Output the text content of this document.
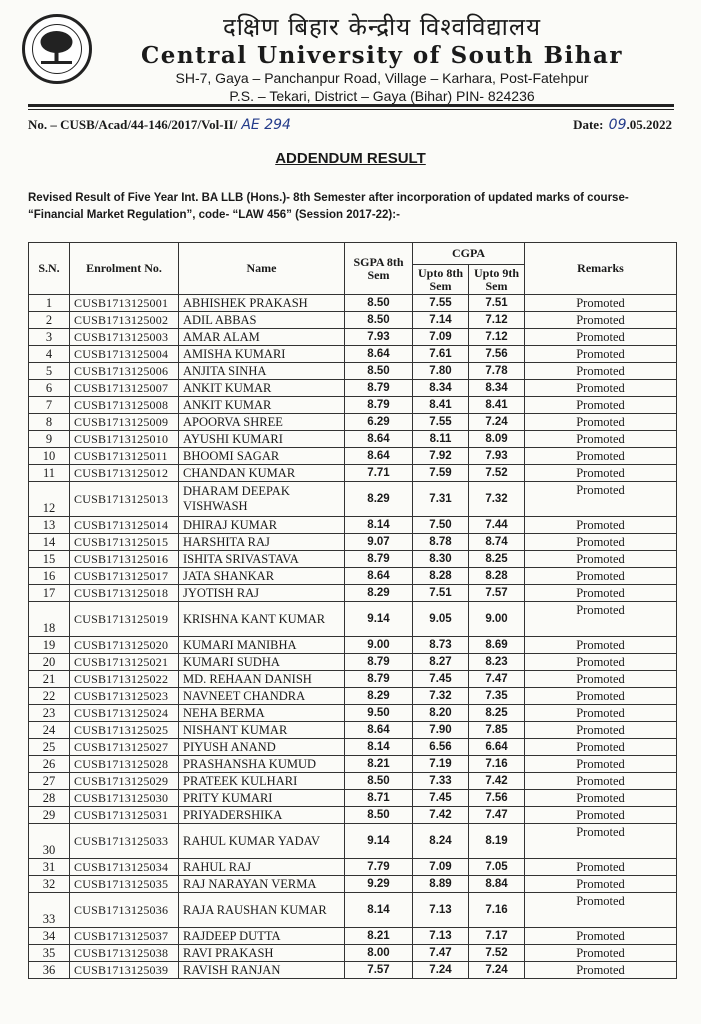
दक्षिण बिहार केन्द्रीय विश्वविद्यालय
Central University of South Bihar
SH-7, Gaya – Panchanpur Road, Village – Karhara, Post-Fatehpur
P.S. – Tekari, District – Gaya (Bihar) PIN- 824236
No. – CUSB/Acad/44-146/2017/Vol-II/ AE 294	Date: 09.05.2022
ADDENDUM RESULT
Revised Result of Five Year Int. BA LLB (Hons.)- 8th Semester after incorporation of updated marks of course- “Financial Market Regulation”, code- “LAW 456” (Session 2017-22):-
S.N.	Enrolment No.	Name	SGPA 8th Sem	CGPA		Remarks
				Upto 8th Sem	Upto 9th Sem	
1	CUSB1713125001	ABHISHEK PRAKASH	8.50	7.55	7.51	Promoted
2	CUSB1713125002	ADIL ABBAS	8.50	7.14	7.12	Promoted
3	CUSB1713125003	AMAR ALAM	7.93	7.09	7.12	Promoted
4	CUSB1713125004	AMISHA KUMARI	8.64	7.61	7.56	Promoted
5	CUSB1713125006	ANJITA SINHA	8.50	7.80	7.78	Promoted
6	CUSB1713125007	ANKIT KUMAR	8.79	8.34	8.34	Promoted
7	CUSB1713125008	ANKIT KUMAR	8.79	8.41	8.41	Promoted
8	CUSB1713125009	APOORVA SHREE	6.29	7.55	7.24	Promoted
9	CUSB1713125010	AYUSHI KUMARI	8.64	8.11	8.09	Promoted
10	CUSB1713125011	BHOOMI SAGAR	8.64	7.92	7.93	Promoted
11	CUSB1713125012	CHANDAN KUMAR	7.71	7.59	7.52	Promoted
12	CUSB1713125013	DHARAM DEEPAK VISHWASH	8.29	7.31	7.32	Promoted
13	CUSB1713125014	DHIRAJ KUMAR	8.14	7.50	7.44	Promoted
14	CUSB1713125015	HARSHITA RAJ	9.07	8.78	8.74	Promoted
15	CUSB1713125016	ISHITA SRIVASTAVA	8.79	8.30	8.25	Promoted
16	CUSB1713125017	JATA SHANKAR	8.64	8.28	8.28	Promoted
17	CUSB1713125018	JYOTISH RAJ	8.29	7.51	7.57	Promoted
18	CUSB1713125019	KRISHNA KANT KUMAR	9.14	9.05	9.00	Promoted
19	CUSB1713125020	KUMARI MANIBHA	9.00	8.73	8.69	Promoted
20	CUSB1713125021	KUMARI SUDHA	8.79	8.27	8.23	Promoted
21	CUSB1713125022	MD. REHAAN DANISH	8.79	7.45	7.47	Promoted
22	CUSB1713125023	NAVNEET CHANDRA	8.29	7.32	7.35	Promoted
23	CUSB1713125024	NEHA BERMA	9.50	8.20	8.25	Promoted
24	CUSB1713125025	NISHANT KUMAR	8.64	7.90	7.85	Promoted
25	CUSB1713125027	PIYUSH ANAND	8.14	6.56	6.64	Promoted
26	CUSB1713125028	PRASHANSHA KUMUD	8.21	7.19	7.16	Promoted
27	CUSB1713125029	PRATEEK KULHARI	8.50	7.33	7.42	Promoted
28	CUSB1713125030	PRITY KUMARI	8.71	7.45	7.56	Promoted
29	CUSB1713125031	PRIYADERSHIKA	8.50	7.42	7.47	Promoted
30	CUSB1713125033	RAHUL KUMAR YADAV	9.14	8.24	8.19	Promoted
31	CUSB1713125034	RAHUL RAJ	7.79	7.09	7.05	Promoted
32	CUSB1713125035	RAJ NARAYAN VERMA	9.29	8.89	8.84	Promoted
33	CUSB1713125036	RAJA RAUSHAN KUMAR	8.14	7.13	7.16	Promoted
34	CUSB1713125037	RAJDEEP DUTTA	8.21	7.13	7.17	Promoted
35	CUSB1713125038	RAVI PRAKASH	8.00	7.47	7.52	Promoted
36	CUSB1713125039	RAVISH RANJAN	7.57	7.24	7.24	Promoted
